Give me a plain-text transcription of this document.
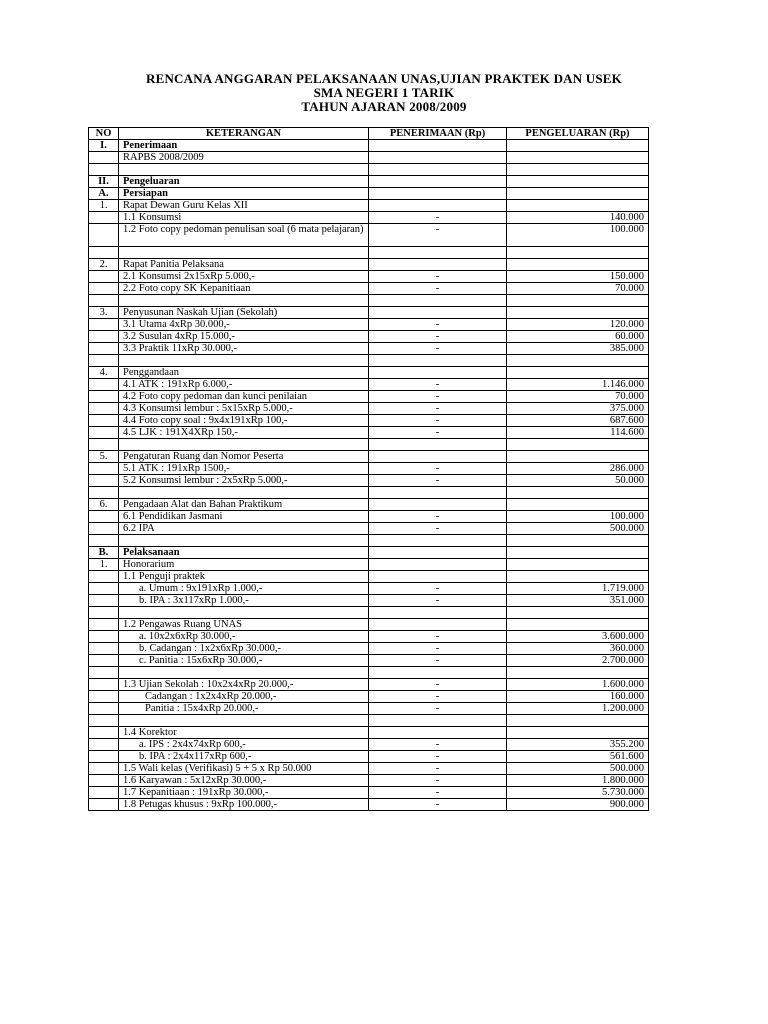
RENCANA ANGGARAN PELAKSANAAN UNAS,UJIAN PRAKTEK DAN USEK
SMA NEGERI 1 TARIK
TAHUN AJARAN 2008/2009
NO	KETERANGAN	PENERIMAAN (Rp)	PENGELUARAN (Rp)
I.	Penerimaan		
	RAPBS 2008/2009		

II.	Pengeluaran		
A.	Persiapan		
1.	Rapat Dewan Guru Kelas XII		
	1.1 Konsumsi	-	140.000
	1.2 Foto copy pedoman penulisan soal (6 mata pelajaran)	-	100.000

2.	Rapat Panitia Pelaksana		
	2.1 Konsumsi 2x15xRp 5.000,-	-	150.000
	2.2 Foto copy SK Kepanitiaan	-	70.000

3.	Penyusunan Naskah Ujian (Sekolah)		
	3.1 Utama 4xRp 30.000,-	-	120.000
	3.2 Susulan 4xRp 15.000,-	-	60.000
	3.3 Praktik 11xRp 30.000,-	-	385.000

4.	Penggandaan		
	4.1 ATK : 191xRp 6.000,-	-	1.146.000
	4.2 Foto copy pedoman dan kunci penilaian	-	70.000
	4.3 Konsumsi lembur : 5x15xRp 5.000,-	-	375.000
	4.4 Foto copy soal : 9x4x191xRp 100,-	-	687.600
	4.5 LJK : 191X4XRp 150,-	-	114.600

5.	Pengaturan Ruang dan Nomor Peserta		
	5.1 ATK : 191xRp 1500,-	-	286.000
	5.2 Konsumsi lembur : 2x5xRp 5.000,-	-	50.000

6.	Pengadaan Alat dan Bahan Praktikum		
	6.1 Pendidikan Jasmani	-	100.000
	6.2 IPA	-	500.000

B.	Pelaksanaan		
1.	Honorarium		
	1.1 Penguji praktek		
	a. Umum : 9x191xRp 1.000,-	-	1.719.000
	b. IPA : 3x117xRp 1.000,-	-	351.000

	1.2 Pengawas Ruang UNAS		
	a. 10x2x6xRp 30.000,-	-	3.600.000
	b. Cadangan : 1x2x6xRp 30.000,-	-	360.000
	c. Panitia : 15x6xRp 30.000,-	-	2.700.000

	1.3 Ujian Sekolah : 10x2x4xRp 20.000,-	-	1.600.000
	Cadangan : 1x2x4xRp 20.000,-	-	160.000
	Panitia : 15x4xRp 20.000,-	-	1.200.000

	1.4 Korektor		
	a. IPS : 2x4x74xRp 600,-	-	355.200
	b. IPA : 2x4x117xRp 600,-	-	561.600
	1.5 Wali kelas (Verifikasi) 5 + 5 x Rp 50.000	-	500.000
	1.6 Karyawan : 5x12xRp 30.000,-	-	1.800.000
	1.7 Kepanitiaan : 191xRp 30.000,-	-	5.730.000
	1.8 Petugas khusus : 9xRp 100.000,-	-	900.000
